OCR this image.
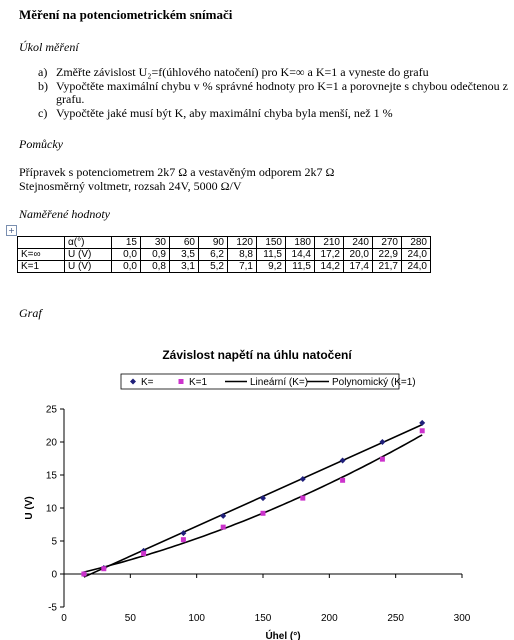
Měření na potenciometrickém snímači
Úkol měření
a) Změřte závislost U₂=f(úhlového natočení) pro K=∞ a K=1 a vyneste do grafu
b) Vypočtěte maximální chybu v % správné hodnoty pro K=1 a porovnejte s chybou odečtenou z grafu.
c) Vypočtěte jaké musí být K, aby maximální chyba byla menší, než 1 %
Pomůcky
Přípravek s potenciometrem 2k7 Ω a vestavěným odporem 2k7 Ω
Stejnosměrný voltmetr, rozsah 24V, 5000 Ω/V
Naměřené hodnoty
+
	α(°)	15	30	60	90	120	150	180	210	240	270	280
K=∞	U (V)	0,0	0,9	3,5	6,2	8,8	11,5	14,4	17,2	20,0	22,9	24,0
K=1	U (V)	0,0	0,8	3,1	5,2	7,1	9,2	11,5	14,2	17,4	21,7	24,0
Graf
Závislost napětí na úhlu natočení
-5
0
5
10
15
20
25
0	50	100	150	200	250	300
Úhel (°)
U (V)
K=	K=1	Lineární (K=) Polynomický (K=1)
